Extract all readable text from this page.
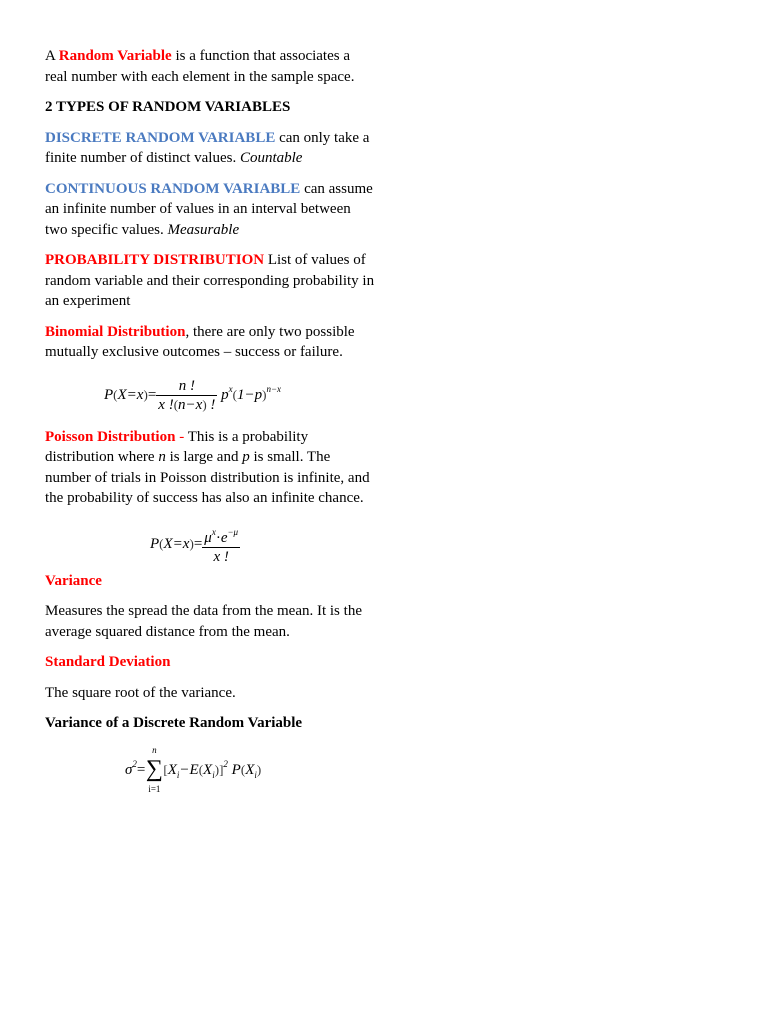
A Random Variable is a function that associates a real number with each element in the sample space.

2 TYPES OF RANDOM VARIABLES

DISCRETE RANDOM VARIABLE can only take a finite number of distinct values. Countable

CONTINUOUS RANDOM VARIABLE can assume an infinite number of values in an interval between two specific values. Measurable

PROBABILITY DISTRIBUTION List of values of random variable and their corresponding probability in an experiment

Binomial Distribution, there are only two possible mutually exclusive outcomes – success or failure.

$P(X=x)= \frac{n !}{x !(n-x) !} p^x(1-p)^{n-x}$

Poisson Distribution - This is a probability distribution where n is large and p is small. The number of trials in Poisson distribution is infinite, and the probability of success has also an infinite chance.

$P(X=x)= \frac{\mu^x\cdot e^{-\mu}}{x !}$

Variance

Measures the spread the data from the mean. It is the average squared distance from the mean.

Standard Deviation

The square root of the variance.

Variance of a Discrete Random Variable

$\sigma^2=$
n
∑
i=1
$[X_i-E(X_i)]^2$ $P(X_i)$
